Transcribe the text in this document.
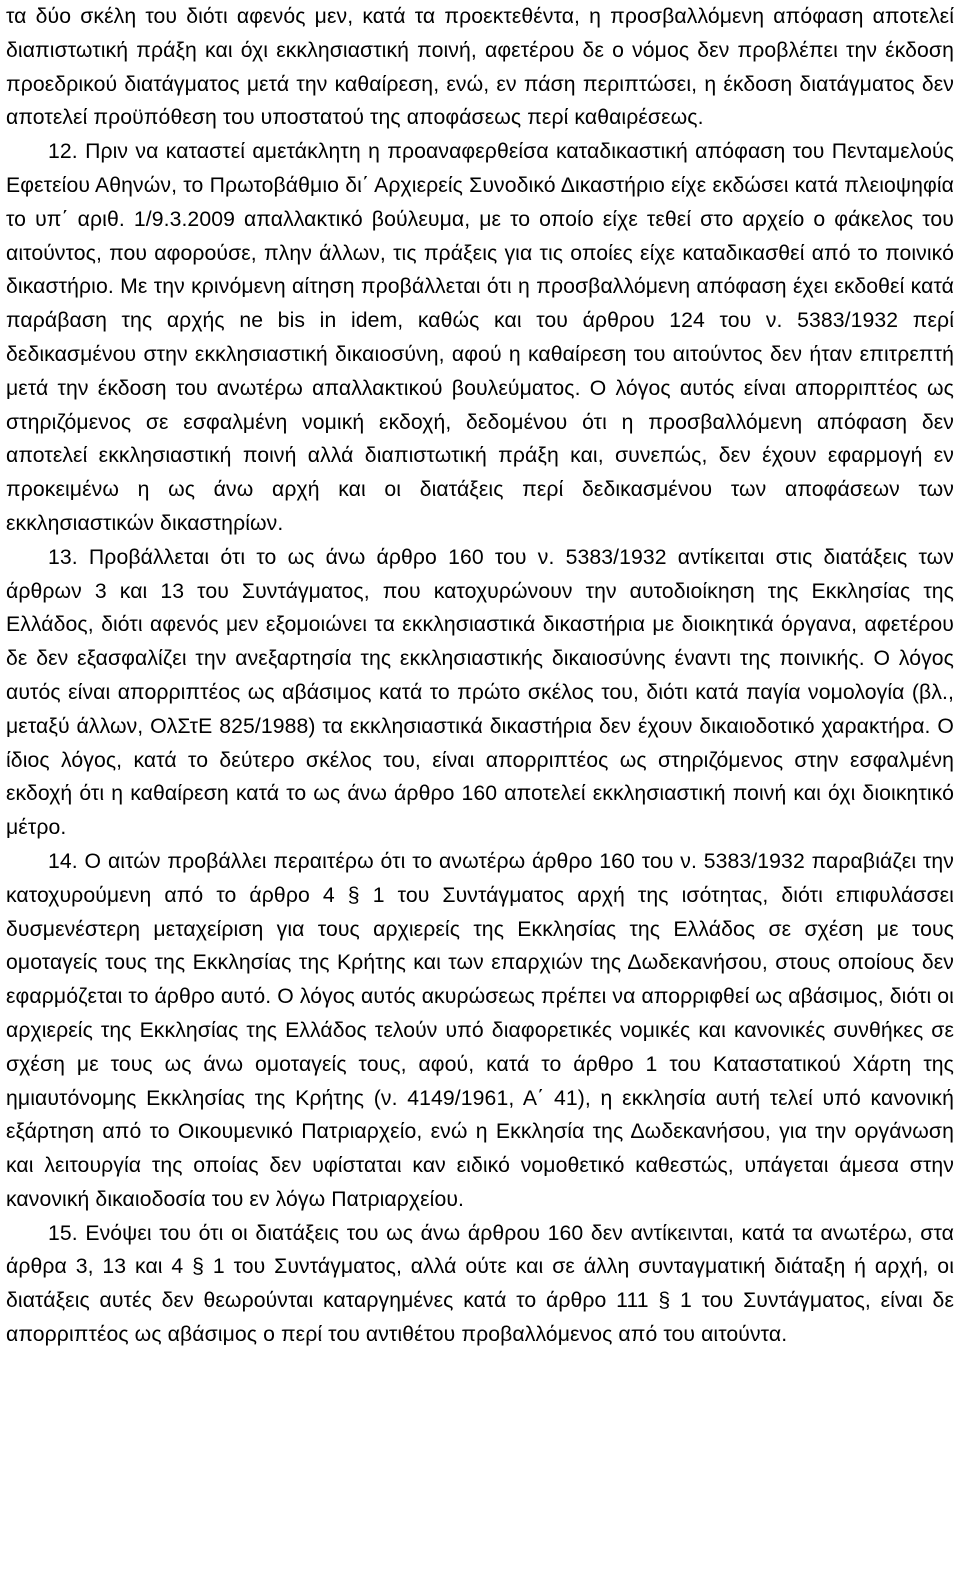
τα δύο σκέλη του διότι αφενός μεν, κατά τα προεκτεθέντα, η προσβαλλόμενη απόφαση αποτελεί διαπιστωτική πράξη και όχι εκκλησιαστική ποινή, αφετέρου δε ο νόμος δεν προβλέπει την έκδοση προεδρικού διατάγματος μετά την καθαίρεση, ενώ, εν πάση περιπτώσει, η έκδοση διατάγματος δεν αποτελεί προϋπόθεση του υποστατού της αποφάσεως περί καθαιρέσεως.

12. Πριν να καταστεί αμετάκλητη η προαναφερθείσα καταδικαστική απόφαση του Πενταμελούς Εφετείου Αθηνών, το Πρωτοβάθμιο δι΄ Αρχιερείς Συνοδικό Δικαστήριο είχε εκδώσει κατά πλειοψηφία το υπ΄ αριθ. 1/9.3.2009 απαλλακτικό βούλευμα, με το οποίο είχε τεθεί στο αρχείο ο φάκελος του αιτούντος, που αφορούσε, πλην άλλων, τις πράξεις για τις οποίες είχε καταδικασθεί από το ποινικό δικαστήριο. Με την κρινόμενη αίτηση προβάλλεται ότι η προσβαλλόμενη απόφαση έχει εκδοθεί κατά παράβαση της αρχής ne bis in idem, καθώς και του άρθρου 124 του ν. 5383/1932 περί δεδικασμένου στην εκκλησιαστική δικαιοσύνη, αφού η καθαίρεση του αιτούντος δεν ήταν επιτρεπτή μετά την έκδοση του ανωτέρω απαλλακτικού βουλεύματος. Ο λόγος αυτός είναι απορριπτέος ως στηριζόμενος σε εσφαλμένη νομική εκδοχή, δεδομένου ότι η προσβαλλόμενη απόφαση δεν αποτελεί εκκλησιαστική ποινή αλλά διαπιστωτική πράξη και, συνεπώς, δεν έχουν εφαρμογή εν προκειμένω η ως άνω αρχή και οι διατάξεις περί δεδικασμένου των αποφάσεων των εκκλησιαστικών δικαστηρίων.

13. Προβάλλεται ότι το ως άνω άρθρο 160 του ν. 5383/1932 αντίκειται στις διατάξεις των άρθρων 3 και 13 του Συντάγματος, που κατοχυρώνουν την αυτοδιοίκηση της Εκκλησίας της Ελλάδος, διότι αφενός μεν εξομοιώνει τα εκκλησιαστικά δικαστήρια με διοικητικά όργανα, αφετέρου δε δεν εξασφαλίζει την ανεξαρτησία της εκκλησιαστικής δικαιοσύνης έναντι της ποινικής. Ο λόγος αυτός είναι απορριπτέος ως αβάσιμος κατά το πρώτο σκέλος του, διότι κατά παγία νομολογία (βλ., μεταξύ άλλων, ΟλΣτΕ 825/1988) τα εκκλησιαστικά δικαστήρια δεν έχουν δικαιοδοτικό χαρακτήρα. Ο ίδιος λόγος, κατά το δεύτερο σκέλος του, είναι απορριπτέος ως στηριζόμενος στην εσφαλμένη εκδοχή ότι η καθαίρεση κατά το ως άνω άρθρο 160 αποτελεί εκκλησιαστική ποινή και όχι διοικητικό μέτρο.

14. Ο αιτών προβάλλει περαιτέρω ότι το ανωτέρω άρθρο 160 του ν. 5383/1932 παραβιάζει την κατοχυρούμενη από το άρθρο 4 § 1 του Συντάγματος αρχή της ισότητας, διότι επιφυλάσσει δυσμενέστερη μεταχείριση για τους αρχιερείς της Εκκλησίας της Ελλάδος σε σχέση με τους ομοταγείς τους της Εκκλησίας της Κρήτης και των επαρχιών της Δωδεκανήσου, στους οποίους δεν εφαρμόζεται το άρθρο αυτό. Ο λόγος αυτός ακυρώσεως πρέπει να απορριφθεί ως αβάσιμος, διότι οι αρχιερείς της Εκκλησίας της Ελλάδος τελούν υπό διαφορετικές νομικές και κανονικές συνθήκες σε σχέση με τους ως άνω ομοταγείς τους, αφού, κατά το άρθρο 1 του Καταστατικού Χάρτη της ημιαυτόνομης Εκκλησίας της Κρήτης (ν. 4149/1961, Α΄ 41), η εκκλησία αυτή τελεί υπό κανονική εξάρτηση από το Οικουμενικό Πατριαρχείο, ενώ η Εκκλησία της Δωδεκανήσου, για την οργάνωση και λειτουργία της οποίας δεν υφίσταται καν ειδικό νομοθετικό καθεστώς, υπάγεται άμεσα στην κανονική δικαιοδοσία του εν λόγω Πατριαρχείου.

15. Ενόψει του ότι οι διατάξεις του ως άνω άρθρου 160 δεν αντίκεινται, κατά τα ανωτέρω, στα άρθρα 3, 13 και 4 § 1 του Συντάγματος, αλλά ούτε και σε άλλη συνταγματική διάταξη ή αρχή, οι διατάξεις αυτές δεν θεωρούνται καταργημένες κατά το άρθρο 111 § 1 του Συντάγματος, είναι δε απορριπτέος ως αβάσιμος ο περί του αντιθέτου προβαλλόμενος από του αιτούντα.
